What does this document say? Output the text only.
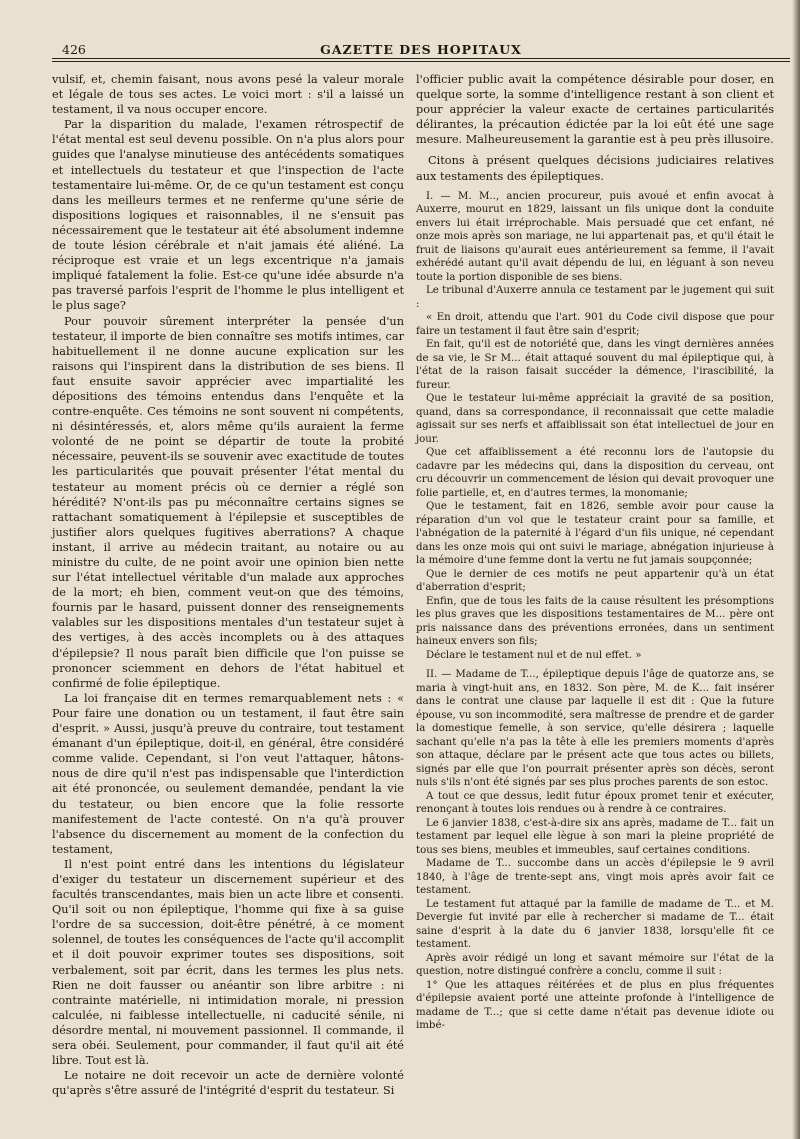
426	GAZETTE DES HOPITAUX

vulsif, et, chemin faisant, nous avons pesé la valeur morale et légale de tous ses actes. Le voici mort : s'il a laissé un testament, il va nous occuper encore.

Par la disparition du malade, l'examen rétrospectif de l'état mental est seul devenu possible. On n'a plus alors pour guides que l'analyse minutieuse des antécédents somatiques et intellectuels du testateur et que l'inspection de l'acte testamentaire lui-même. Or, de ce qu'un testament est conçu dans les meilleurs termes et ne renferme qu'une série de dispositions logiques et raisonnables, il ne s'ensuit pas nécessairement que le testateur ait été absolument indemne de toute lésion cérébrale et n'ait jamais été aliéné. La réciproque est vraie et un legs excentrique n'a jamais impliqué fatalement la folie. Est-ce qu'une idée absurde n'a pas traversé parfois l'esprit de l'homme le plus intelligent et le plus sage?

Pour pouvoir sûrement interpréter la pensée d'un testateur, il importe de bien connaître ses motifs intimes, car habituellement il ne donne aucune explication sur les raisons qui l'inspirent dans la distribution de ses biens. Il faut ensuite savoir apprécier avec impartialité les dépositions des témoins entendus dans l'enquête et la contre-enquête. Ces témoins ne sont souvent ni compétents, ni désintéressés, et, alors même qu'ils auraient la ferme volonté de ne point se départir de toute la probité nécessaire, peuvent-ils se souvenir avec exactitude de toutes les particularités que pouvait présenter l'état mental du testateur au moment précis où ce dernier a réglé son hérédité? N'ont-ils pas pu méconnaître certains signes se rattachant somatiquement à l'épilepsie et susceptibles de justifier alors quelques fugitives aberrations? A chaque instant, il arrive au médecin traitant, au notaire ou au ministre du culte, de ne point avoir une opinion bien nette sur l'état intellectuel véritable d'un malade aux approches de la mort; eh bien, comment veut-on que des témoins, fournis par le hasard, puissent donner des renseignements valables sur les dispositions mentales d'un testateur sujet à des vertiges, à des accès incomplets ou à des attaques d'épilepsie? Il nous paraît bien difficile que l'on puisse se prononcer sciemment en dehors de l'état habituel et confirmé de folie épileptique.

La loi française dit en termes remarquablement nets : « Pour faire une donation ou un testament, il faut être sain d'esprit. » Aussi, jusqu'à preuve du contraire, tout testament émanant d'un épileptique, doit-il, en général, être considéré comme valide. Cependant, si l'on veut l'attaquer, hâtons-nous de dire qu'il n'est pas indispensable que l'interdiction ait été prononcée, ou seulement demandée, pendant la vie du testateur, ou bien encore que la folie ressorte manifestement de l'acte contesté. On n'a qu'à prouver l'absence du discernement au moment de la confection du testament,

Il n'est point entré dans les intentions du législateur d'exiger du testateur un discernement supérieur et des facultés transcendantes, mais bien un acte libre et consenti. Qu'il soit ou non épileptique, l'homme qui fixe à sa guise l'ordre de sa succession, doit-être pénétré, à ce moment solennel, de toutes les conséquences de l'acte qu'il accomplit et il doit pouvoir exprimer toutes ses dispositions, soit verbalement, soit par écrit, dans les termes les plus nets. Rien ne doit fausser ou anéantir son libre arbitre : ni contrainte matérielle, ni intimidation morale, ni pression calculée, ni faiblesse intellectuelle, ni caducité sénile, ni désordre mental, ni mouvement passionnel. Il commande, il sera obéi. Seulement, pour commander, il faut qu'il ait été libre. Tout est là.

Le notaire ne doit recevoir un acte de dernière volonté qu'après s'être assuré de l'intégrité d'esprit du testateur. Si

l'officier public avait la compétence désirable pour doser, en quelque sorte, la somme d'intelligence restant à son client et pour apprécier la valeur exacte de certaines particularités délirantes, la précaution édictée par la loi eût été une sage mesure. Malheureusement la garantie est à peu près illusoire.

Citons à présent quelques décisions judiciaires relatives aux testaments des épileptiques.

I. — M. M.., ancien procureur, puis avoué et enfin avocat à Auxerre, mourut en 1829, laissant un fils unique dont la conduite envers lui était irréprochable. Mais persuadé que cet enfant, né onze mois après son mariage, ne lui appartenait pas, et qu'il était le fruit de liaisons qu'aurait eues antérieurement sa femme, il l'avait exhérédé autant qu'il avait dépendu de lui, en léguant à son neveu toute la portion disponible de ses biens.

Le tribunal d'Auxerre annula ce testament par le jugement qui suit :

« En droit, attendu que l'art. 901 du Code civil dispose que pour faire un testament il faut être sain d'esprit;

En fait, qu'il est de notoriété que, dans les vingt dernières années de sa vie, le Sr M... était attaqué souvent du mal épileptique qui, à l'état de la raison faisait succéder la démence, l'irascibilité, la fureur.

Que le testateur lui-même appréciait la gravité de sa position, quand, dans sa correspondance, il reconnaissait que cette maladie agissait sur ses nerfs et affaiblissait son état intellectuel de jour en jour.

Que cet affaiblissement a été reconnu lors de l'autopsie du cadavre par les médecins qui, dans la disposition du cerveau, ont cru découvrir un commencement de lésion qui devait provoquer une folie partielle, et, en d'autres termes, la monomanie;

Que le testament, fait en 1826, semble avoir pour cause la réparation d'un vol que le testateur craint pour sa famille, et l'abnégation de la paternité à l'égard d'un fils unique, né cependant dans les onze mois qui ont suivi le mariage, abnégation injurieuse à la mémoire d'une femme dont la vertu ne fut jamais soupçonnée;

Que le dernier de ces motifs ne peut appartenir qu'à un état d'aberration d'esprit;

Enfin, que de tous les faits de la cause résultent les présomptions les plus graves que les dispositions testamentaires de M... père ont pris naissance dans des préventions erronées, dans un sentiment haineux envers son fils;

Déclare le testament nul et de nul effet. »

II. — Madame de T..., épileptique depuis l'âge de quatorze ans, se maria à vingt-huit ans, en 1832. Son père, M. de K... fait insérer dans le contrat une clause par laquelle il est dit : Que la future épouse, vu son incommodité, sera maîtresse de prendre et de garder la domestique femelle, à son service, qu'elle désirera ; laquelle sachant qu'elle n'a pas la tête à elle les premiers moments d'après son attaque, déclare par le présent acte que tous actes ou billets, signés par elle que l'on pourrait présenter après son décès, seront nuls s'ils n'ont été signés par ses plus proches parents de son estoc.

A tout ce que dessus, ledit futur époux promet tenir et exécuter, renonçant à toutes lois rendues ou à rendre à ce contraires.

Le 6 janvier 1838, c'est-à-dire six ans après, madame de T... fait un testament par lequel elle lègue à son mari la pleine propriété de tous ses biens, meubles et immeubles, sauf certaines conditions.

Madame de T... succombe dans un accès d'épilepsie le 9 avril 1840, à l'âge de trente-sept ans, vingt mois après avoir fait ce testament.

Le testament fut attaqué par la famille de madame de T... et M. Devergie fut invité par elle à rechercher si madame de T... était saine d'esprit à la date du 6 janvier 1838, lorsqu'elle fit ce testament.

Après avoir rédigé un long et savant mémoire sur l'état de la question, notre distingué confrère a conclu, comme il suit :

1° Que les attaques réitérées et de plus en plus fréquentes d'épilepsie avaient porté une atteinte profonde à l'intelligence de madame de T...; que si cette dame n'était pas devenue idiote ou imbé-
